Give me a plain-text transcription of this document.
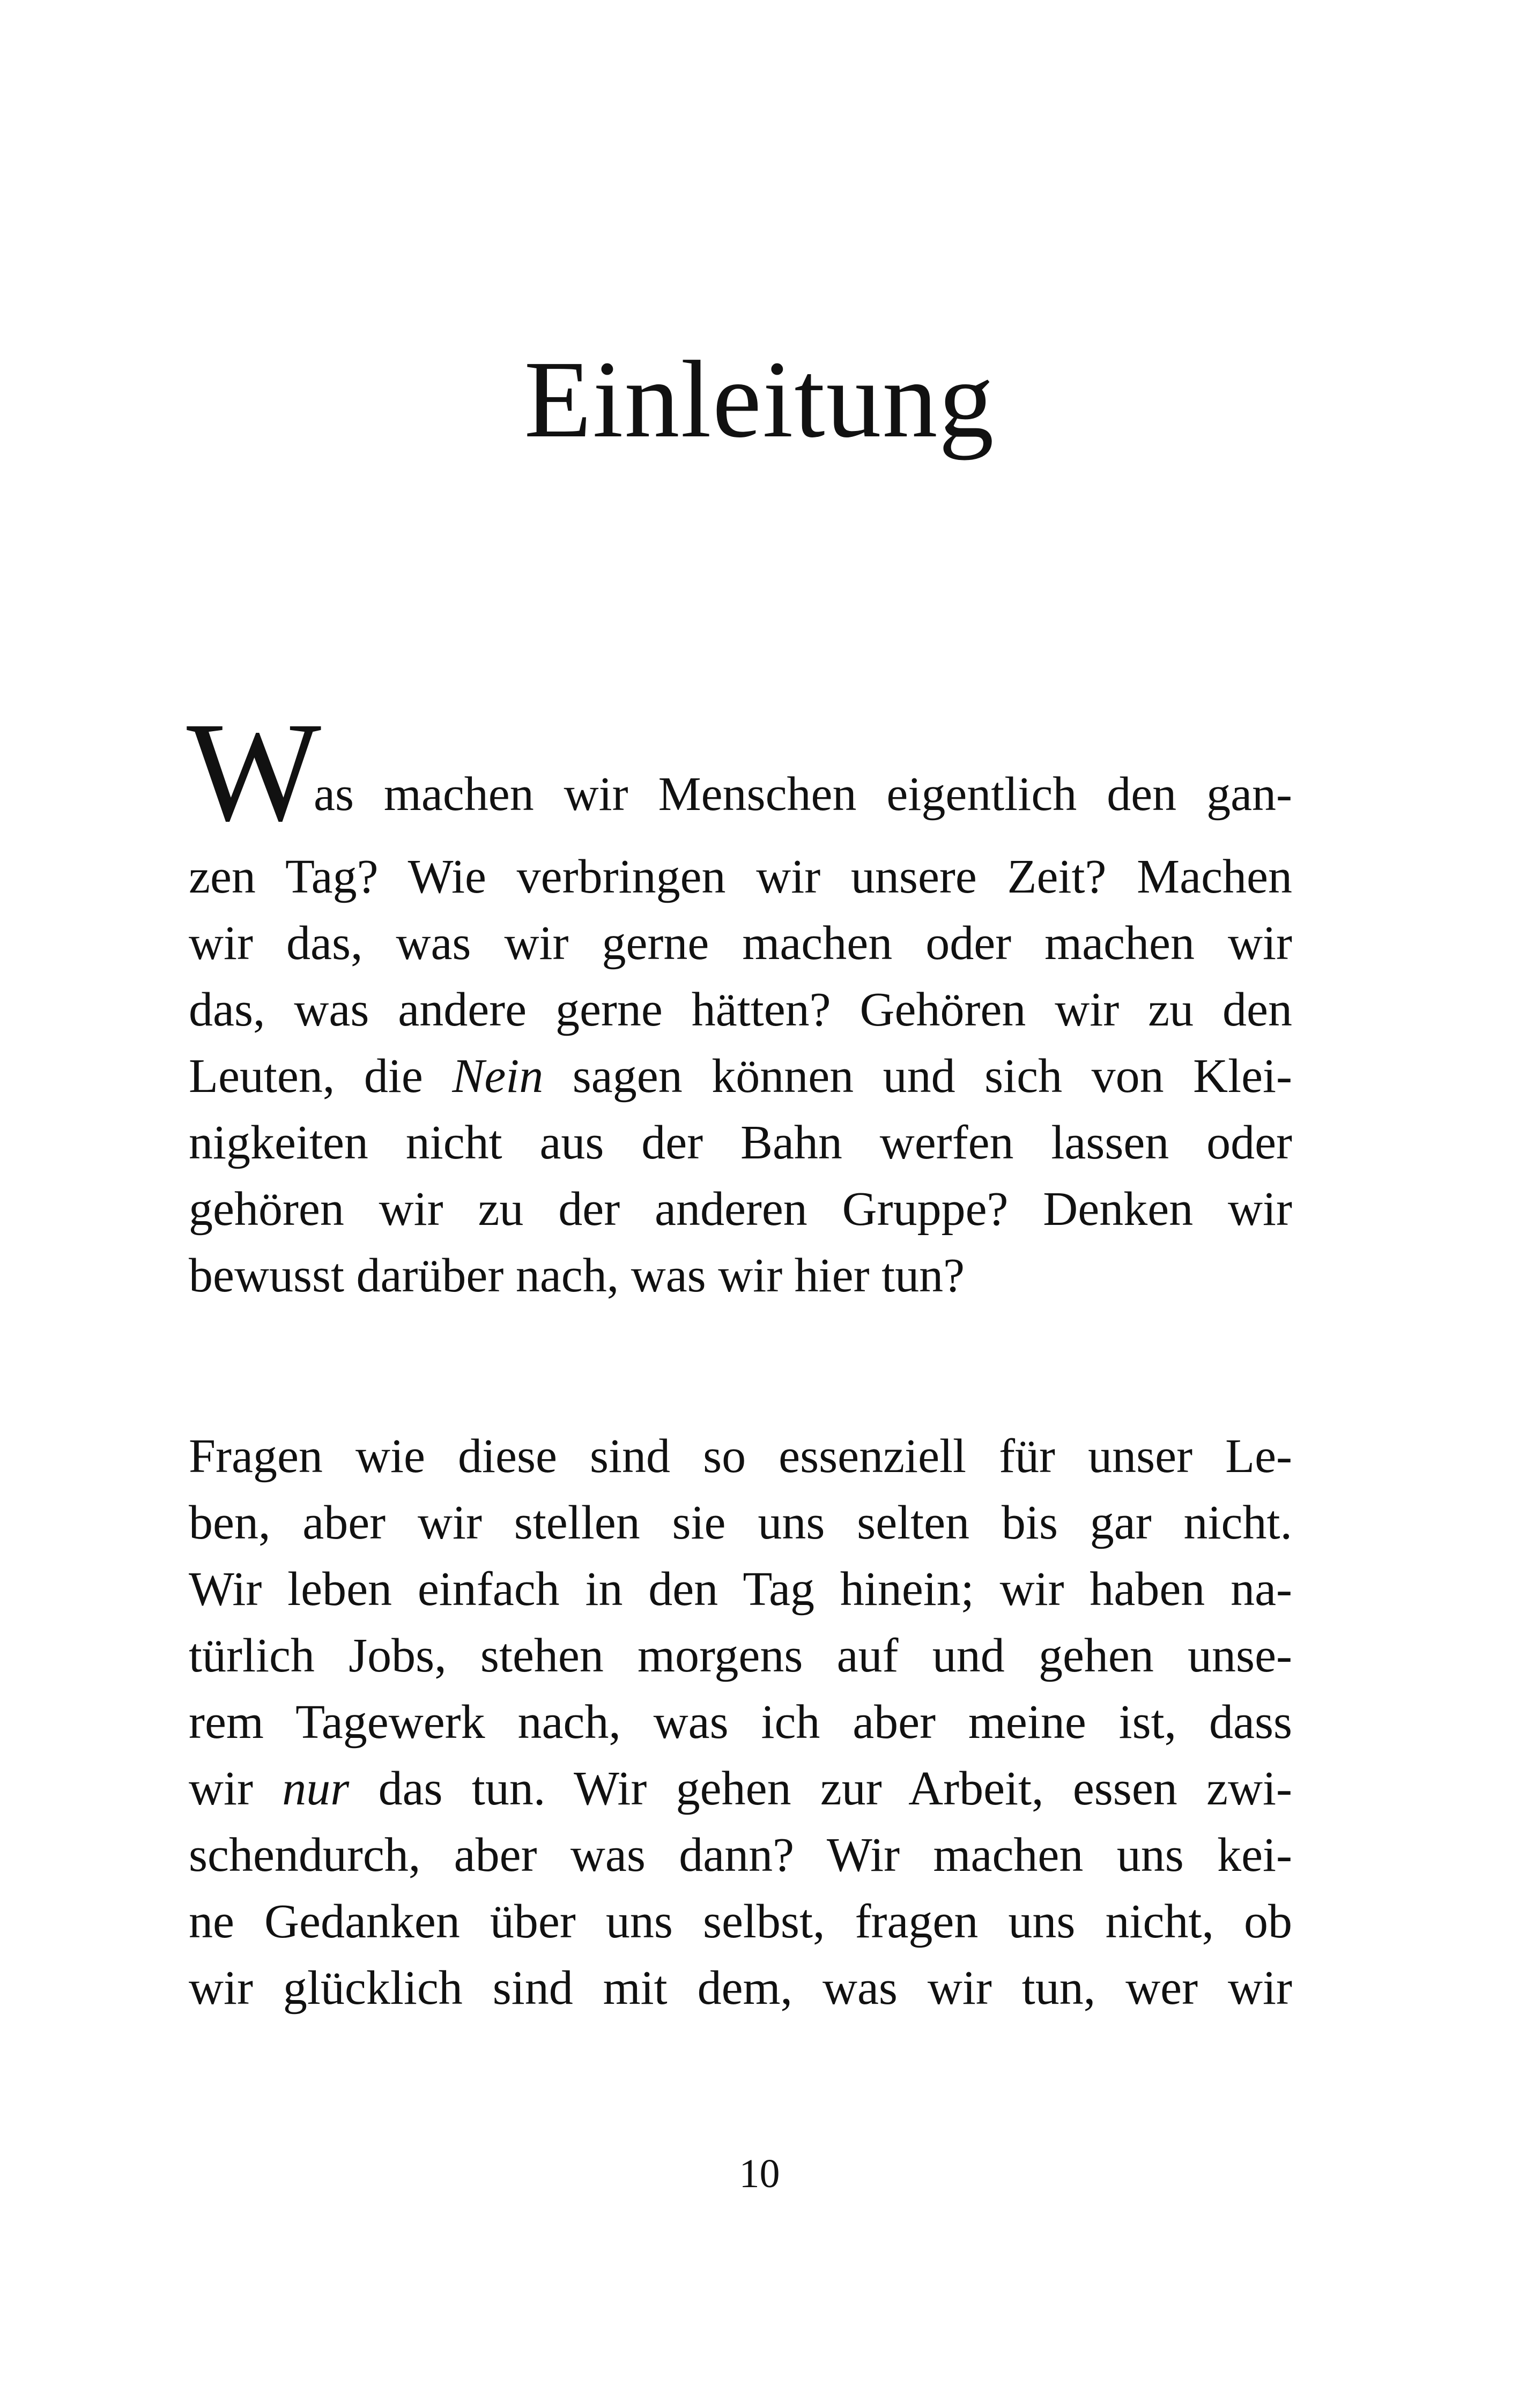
Einleitung
W
as machen wir Menschen eigentlich den gan-
zen Tag? Wie verbringen wir unsere Zeit? Machen
wir das, was wir gerne machen oder machen wir
das, was andere gerne hätten? Gehören wir zu den
Leuten, die Nein sagen können und sich von Klei-
nigkeiten nicht aus der Bahn werfen lassen oder
gehören wir zu der anderen Gruppe? Denken wir
bewusst darüber nach, was wir hier tun?
Fragen wie diese sind so essenziell für unser Le-
ben, aber wir stellen sie uns selten bis gar nicht.
Wir leben einfach in den Tag hinein; wir haben na-
türlich Jobs, stehen morgens auf und gehen unse-
rem Tagewerk nach, was ich aber meine ist, dass
wir nur das tun. Wir gehen zur Arbeit, essen zwi-
schendurch, aber was dann? Wir machen uns kei-
ne Gedanken über uns selbst, fragen uns nicht, ob
wir glücklich sind mit dem, was wir tun, wer wir
10
